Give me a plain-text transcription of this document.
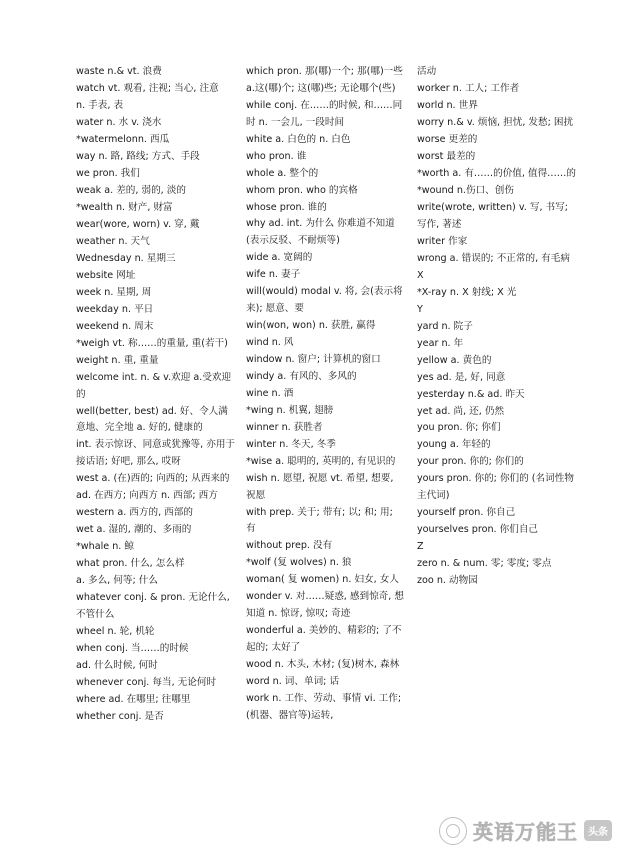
waste n.& vt. 浪费
watch vt. 观看, 注视; 当心, 注意
n. 手表, 表
water n. 水 v. 浇水
*watermelonn. 西瓜
way n. 路, 路线; 方式、手段
we pron. 我们
weak a. 差的, 弱的, 淡的
*wealth n. 财产, 财富
wear(wore, worn) v. 穿, 戴
weather n. 天气
Wednesday n. 星期三
website 网址
week n. 星期, 周
weekday n. 平日
weekend n. 周末
*weigh vt. 称……的重量, 重(若干)
weight n. 重, 重量
welcome int. n. & v.欢迎 a.受欢迎的
well(better, best) ad. 好、令人满意地、完全地 a. 好的, 健康的
int. 表示惊讶、同意或犹豫等, 亦用于接话语; 好吧, 那么, 哎呀
west a. (在)西的; 向西的; 从西来的
ad. 在西方; 向西方 n. 西部; 西方
western a. 西方的, 西部的
wet a. 湿的, 潮的、多雨的
*whale n. 鲸
what pron. 什么, 怎么样
a. 多么, 何等; 什么
whatever conj. & pron. 无论什么, 不管什么
wheel n. 轮, 机轮
when conj. 当……的时候
ad. 什么时候, 何时
whenever conj. 每当, 无论何时
where ad. 在哪里; 往哪里
whether conj. 是否
which pron. 那(哪)一个; 那(哪)一些 a.这(哪)个; 这(哪)些; 无论哪个(些)
while conj. 在……的时候, 和……同时 n. 一会儿, 一段时间
white a. 白色的 n. 白色
who pron. 谁
whole a. 整个的
whom pron. who 的宾格
whose pron. 谁的
why ad. int. 为什么 你难道不知道 (表示反驳、不耐烦等)
wide a. 宽阔的
wife n. 妻子
will(would) modal v. 将, 会(表示将来); 愿意、要
win(won, won) n. 获胜, 赢得
wind n. 风
window n. 窗户; 计算机的窗口
windy a. 有风的、多风的
wine n. 酒
*wing n. 机翼, 翅膀
winner n. 获胜者
winter n. 冬天, 冬季
*wise a. 聪明的, 英明的, 有见识的
wish n. 愿望, 祝愿 vt. 希望, 想要, 祝愿
with prep. 关于; 带有; 以; 和; 用; 有
without prep. 没有
*wolf (复 wolves) n. 狼
woman( 复 women) n. 妇女, 女人
wonder v. 对……疑惑, 感到惊奇, 想知道 n. 惊讶, 惊叹; 奇迹
wonderful a. 美妙的、精彩的; 了不起的; 太好了
wood n. 木头, 木材; (复)树木, 森林
word n. 词、单词; 话
work n. 工作、劳动、事情 vi. 工作; (机器、器官等)运转,
活动
worker n. 工人; 工作者
world n. 世界
worry n.& v. 烦恼, 担忧, 发愁; 困扰
worse 更差的
worst 最差的
*worth a. 有……的价值, 值得……的
*wound n.伤口、创伤
write(wrote, written) v. 写, 书写; 写作, 著述
writer 作家
wrong a. 错误的; 不正常的, 有毛病
X
*X-ray n. X 射线; X 光
Y
yard n. 院子
year n. 年
yellow a. 黄色的
yes ad. 是, 好, 同意
yesterday n.& ad. 昨天
yet ad. 尚, 还, 仍然
you pron. 你; 你们
young a. 年轻的
your pron. 你的; 你们的
yours pron. 你的; 你们的 (名词性物主代词)
yourself pron. 你自己
yourselves pron. 你们自己
Z
zero n. & num. 零; 零度; 零点
zoo n. 动物园
英语万能王	头条
